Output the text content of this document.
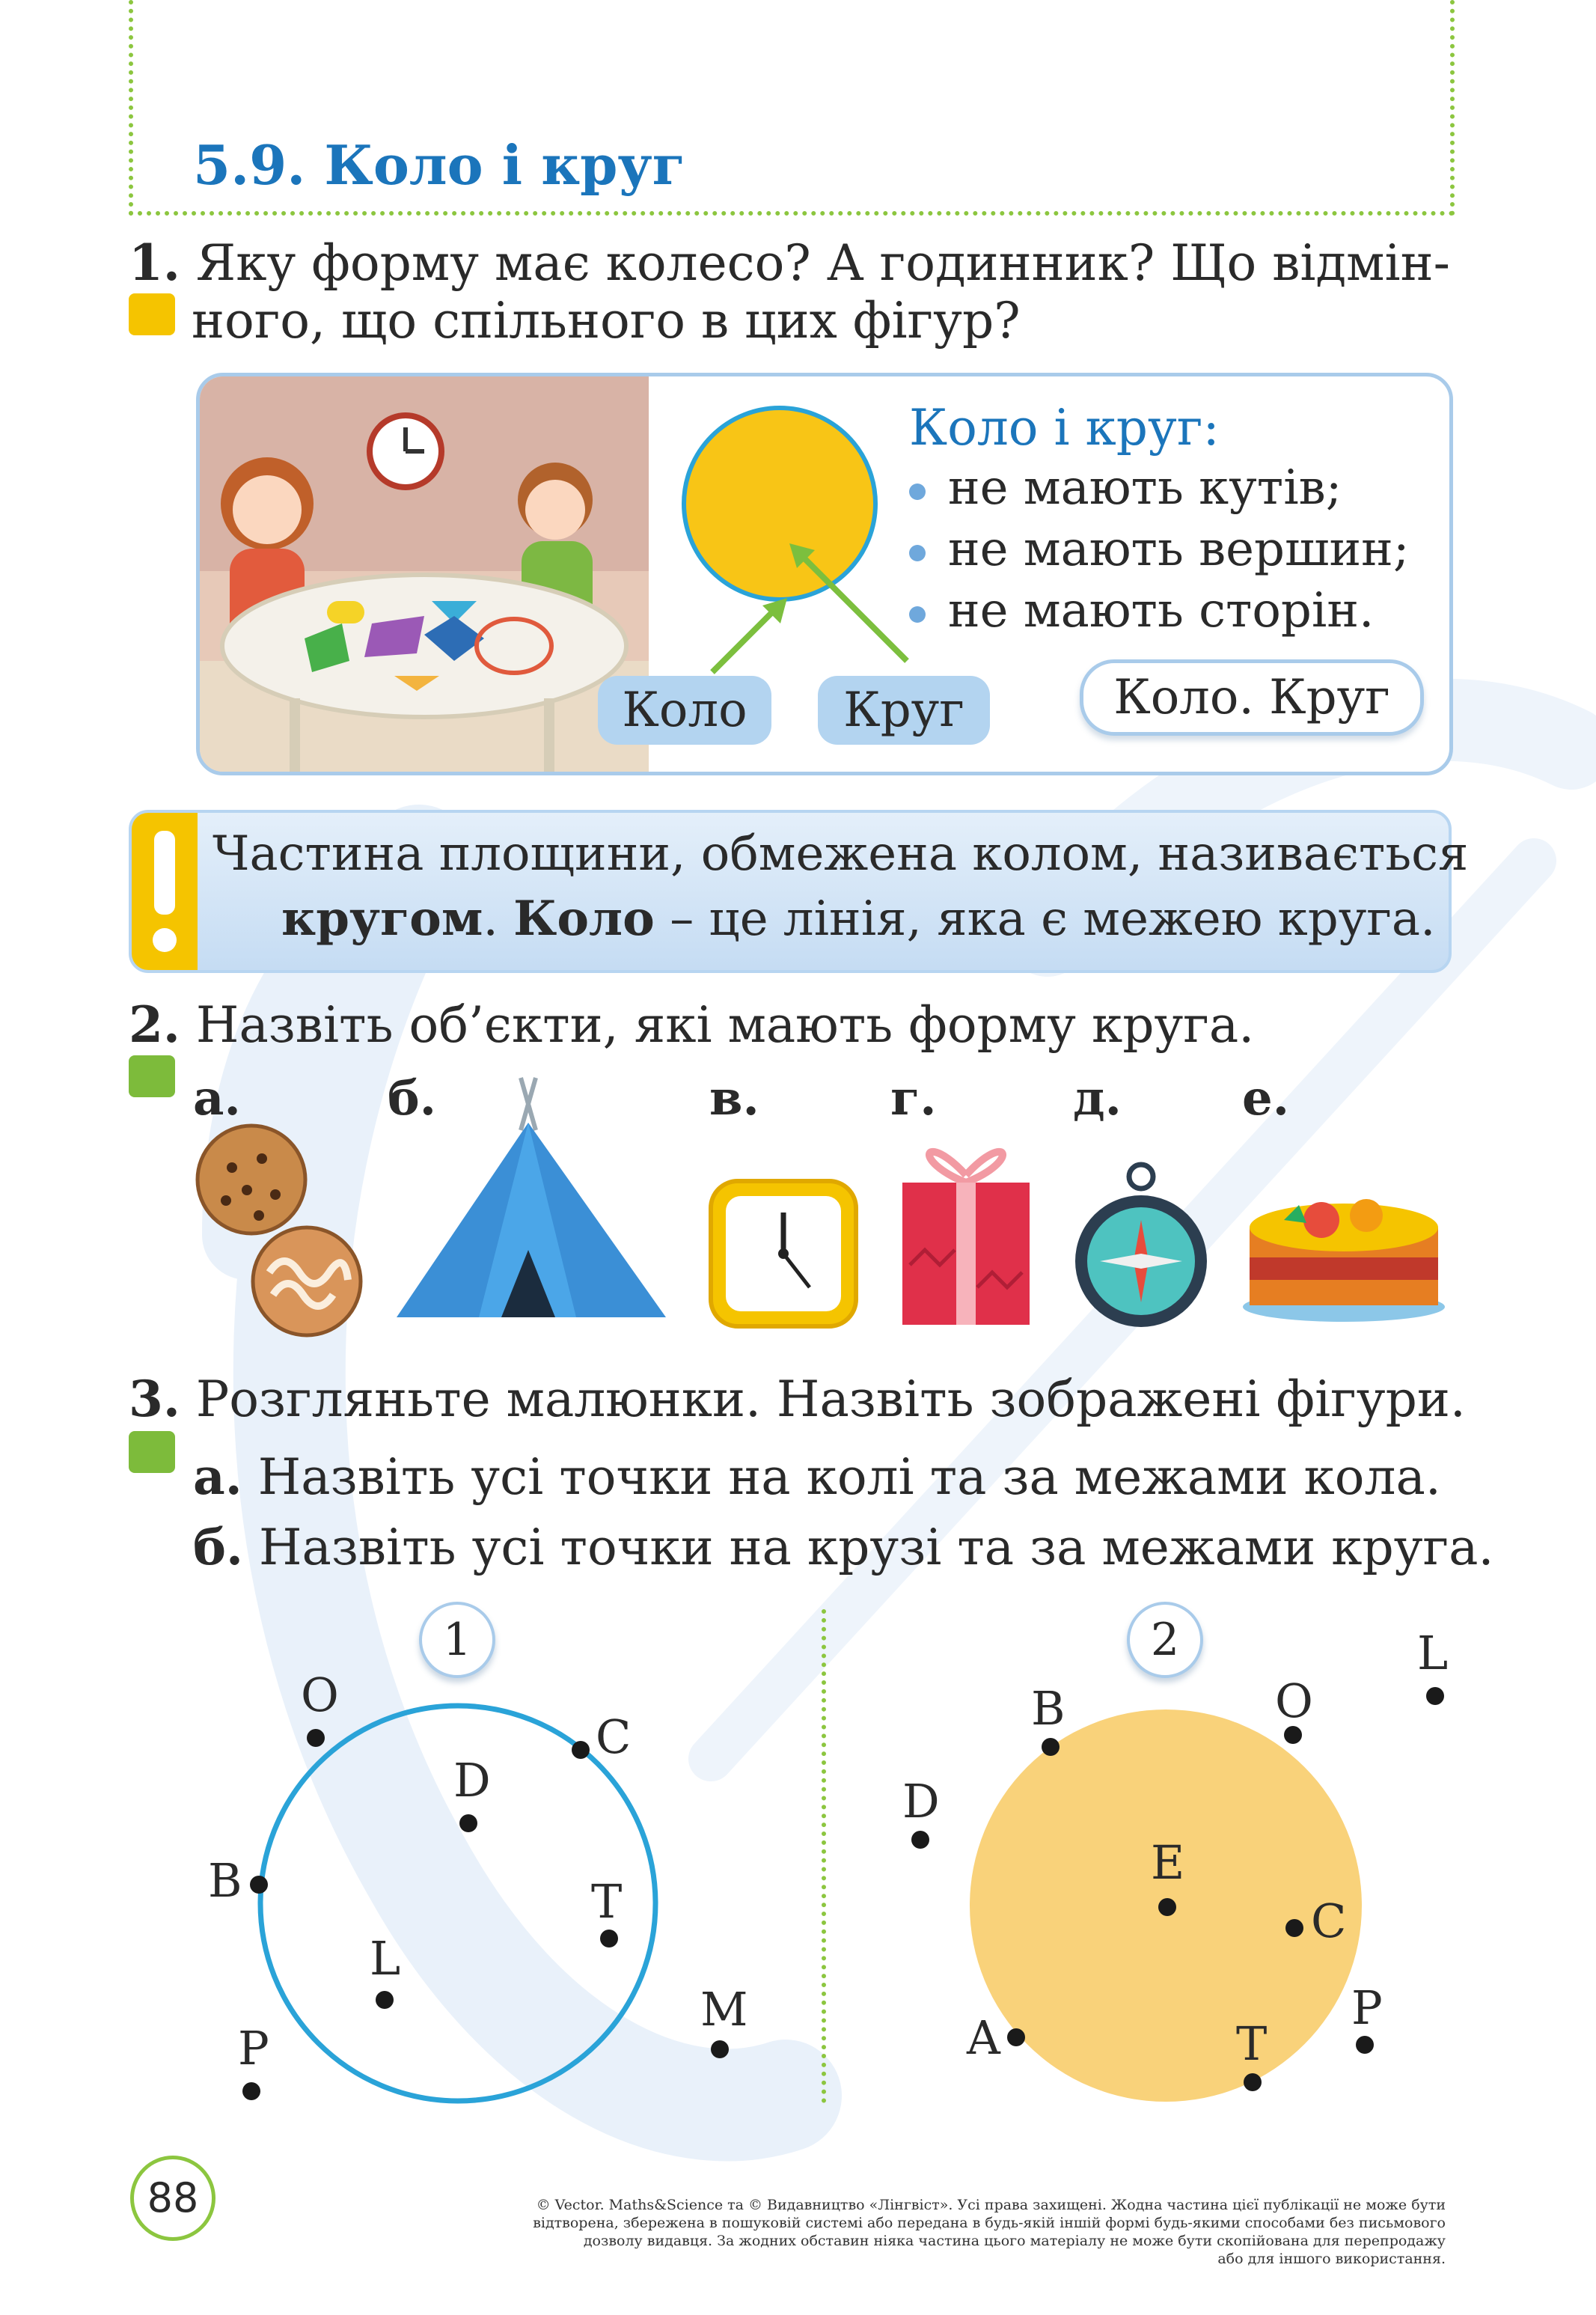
5.9. Коло і круг
1. Яку форму має колесо? А годинник? Що відмін-
ного, що спільного в цих фігур?
Коло	Круг
Коло і круг:
не мають кутів;
не мають вершин;
не мають сторін.
Коло. Круг
Частина площини, обмежена колом, називається
кругом. Коло – це лінія, яка є межею круга.
2. Назвіть об’єкти, які мають форму круга.
а.	б.	в.	г.	д.	е.
3. Розгляньте малюнки. Назвіть зображені фігури.
а. Назвіть усі точки на колі та за межами кола.
б. Назвіть усі точки на крузі та за межами круга.
1
O
C
D
B	T
L
M
P
2	L
B	O
D
E
C
A	T
P
88	© Vector. Maths&Science та © Видавництво «Лінгвіст». Усі права захищені. Жодна частина цієї публікації не може бути
відтворена, збережена в пошуковій системі або передана в будь-якій іншій формі будь-якими способами без письмового
дозволу видавця. За жодних обставин ніяка частина цього матеріалу не може бути скопійована для перепродажу
або для іншого використання.
